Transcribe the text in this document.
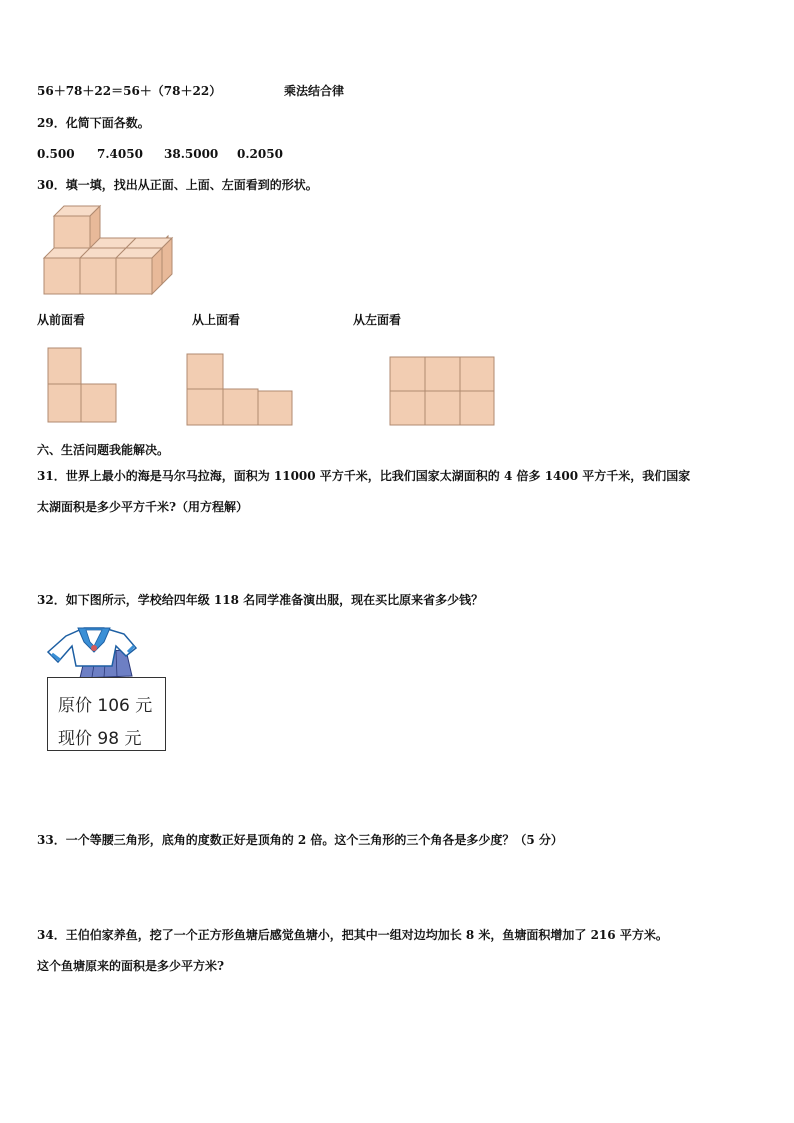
56＋78＋22＝56＋（78＋22）	乘法结合律
29．化简下面各数。
0.500 7.4050 38.5000 0.2050
30．填一填，找出从正面、上面、左面看到的形状。
从前面看	从上面看	从左面看
六、生活问题我能解决。
31．世界上最小的海是马尔马拉海，面积为 11000 平方千米，比我们国家太湖面积的 4 倍多 1400 平方千米，我们国家
太湖面积是多少平方千米?（用方程解）
32．如下图所示，学校给四年级 118 名同学准备演出服，现在买比原来省多少钱？
原价 106 元
现价 98 元
33．一个等腰三角形，底角的度数正好是顶角的 2 倍。这个三角形的三个角各是多少度？（5 分）
34．王伯伯家养鱼，挖了一个正方形鱼塘后感觉鱼塘小，把其中一组对边均加长 8 米，鱼塘面积增加了 216 平方米。
这个鱼塘原来的面积是多少平方米?
